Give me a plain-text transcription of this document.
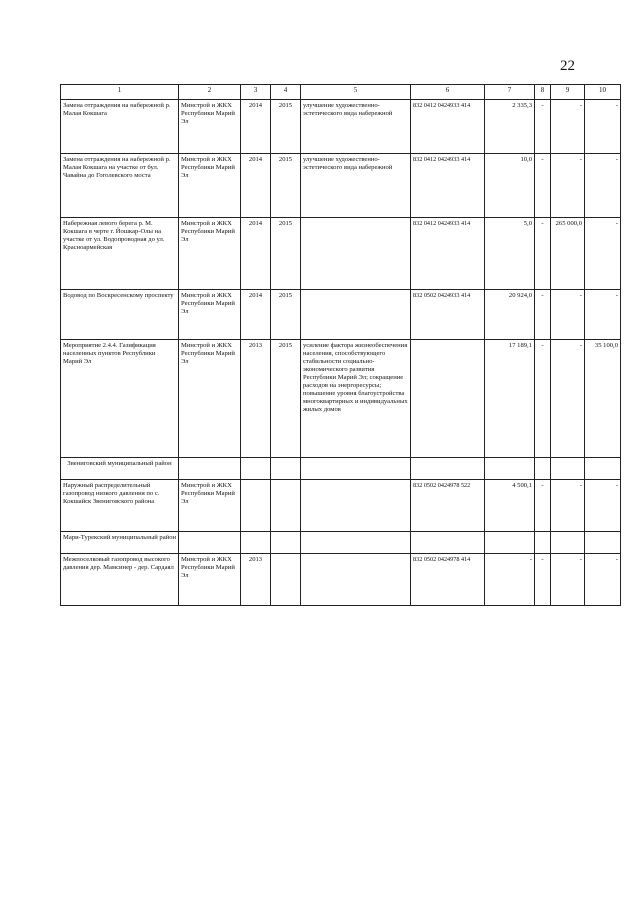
22
1	2	3	4	5	6	7	8	9	10
Замена отграждения на набережной р. Малая Кокшага	Минстрой и ЖКХ Республики Марий Эл	2014	2015	улучшение художественно-эстетического вида набережной	832 0412 0424933 414	2 335,3	-	-	-
Замена отграждения на набережной р. Малая Кокшага на участке от бул. Чавайна до Гоголевского моста	Минстрой и ЖКХ Республики Марий Эл	2014	2015	улучшение художественно-эстетического вида набережной	832 0412 0424933 414	10,0	-	-	-
Набережная левого берега р. М. Кокшага в черте г. Йошкар-Олы на участке от ул. Водопроводная до ул. Красноармейская	Минстрой и ЖКХ Республики Марий Эл	2014	2015		832 0412 0424933 414	5,0	-	265 000,0	-
Водовод по Воскресенскому проспекту	Минстрой и ЖКХ Республики Марий Эл	2014	2015		832 0502 0424933 414	20 924,0	-	-	-
Мероприятие 2.4.4. Газификация населенных пунктов Республики Марий Эл	Минстрой и ЖКХ Республики Марий Эл	2013	2015	усиление фактора жизнеобеспечения населения, способствующего стабильности социально-экономического развития Республики Марий Эл; сокращение расходов на энергоресурсы; повышение уровня благоустройства многоквартирных и индивидуальных жилых домов		17 189,1	-	-	35 100,0
Звениговский муниципальный район									
Наружный распределительный газопровод низкого давления по с. Кокшайск Звениговского района	Минстрой и ЖКХ Республики Марий Эл				832 0502 0424978 522	4 500,1	-	-	-
Мари-Турекский муниципальный район									
Межпоселковый газопровод высокого давления дер. Мамсинер - дер. Сардаял	Минстрой и ЖКХ Республики Марий Эл	2013			832 0502 0424978 414	-	-	-	-
